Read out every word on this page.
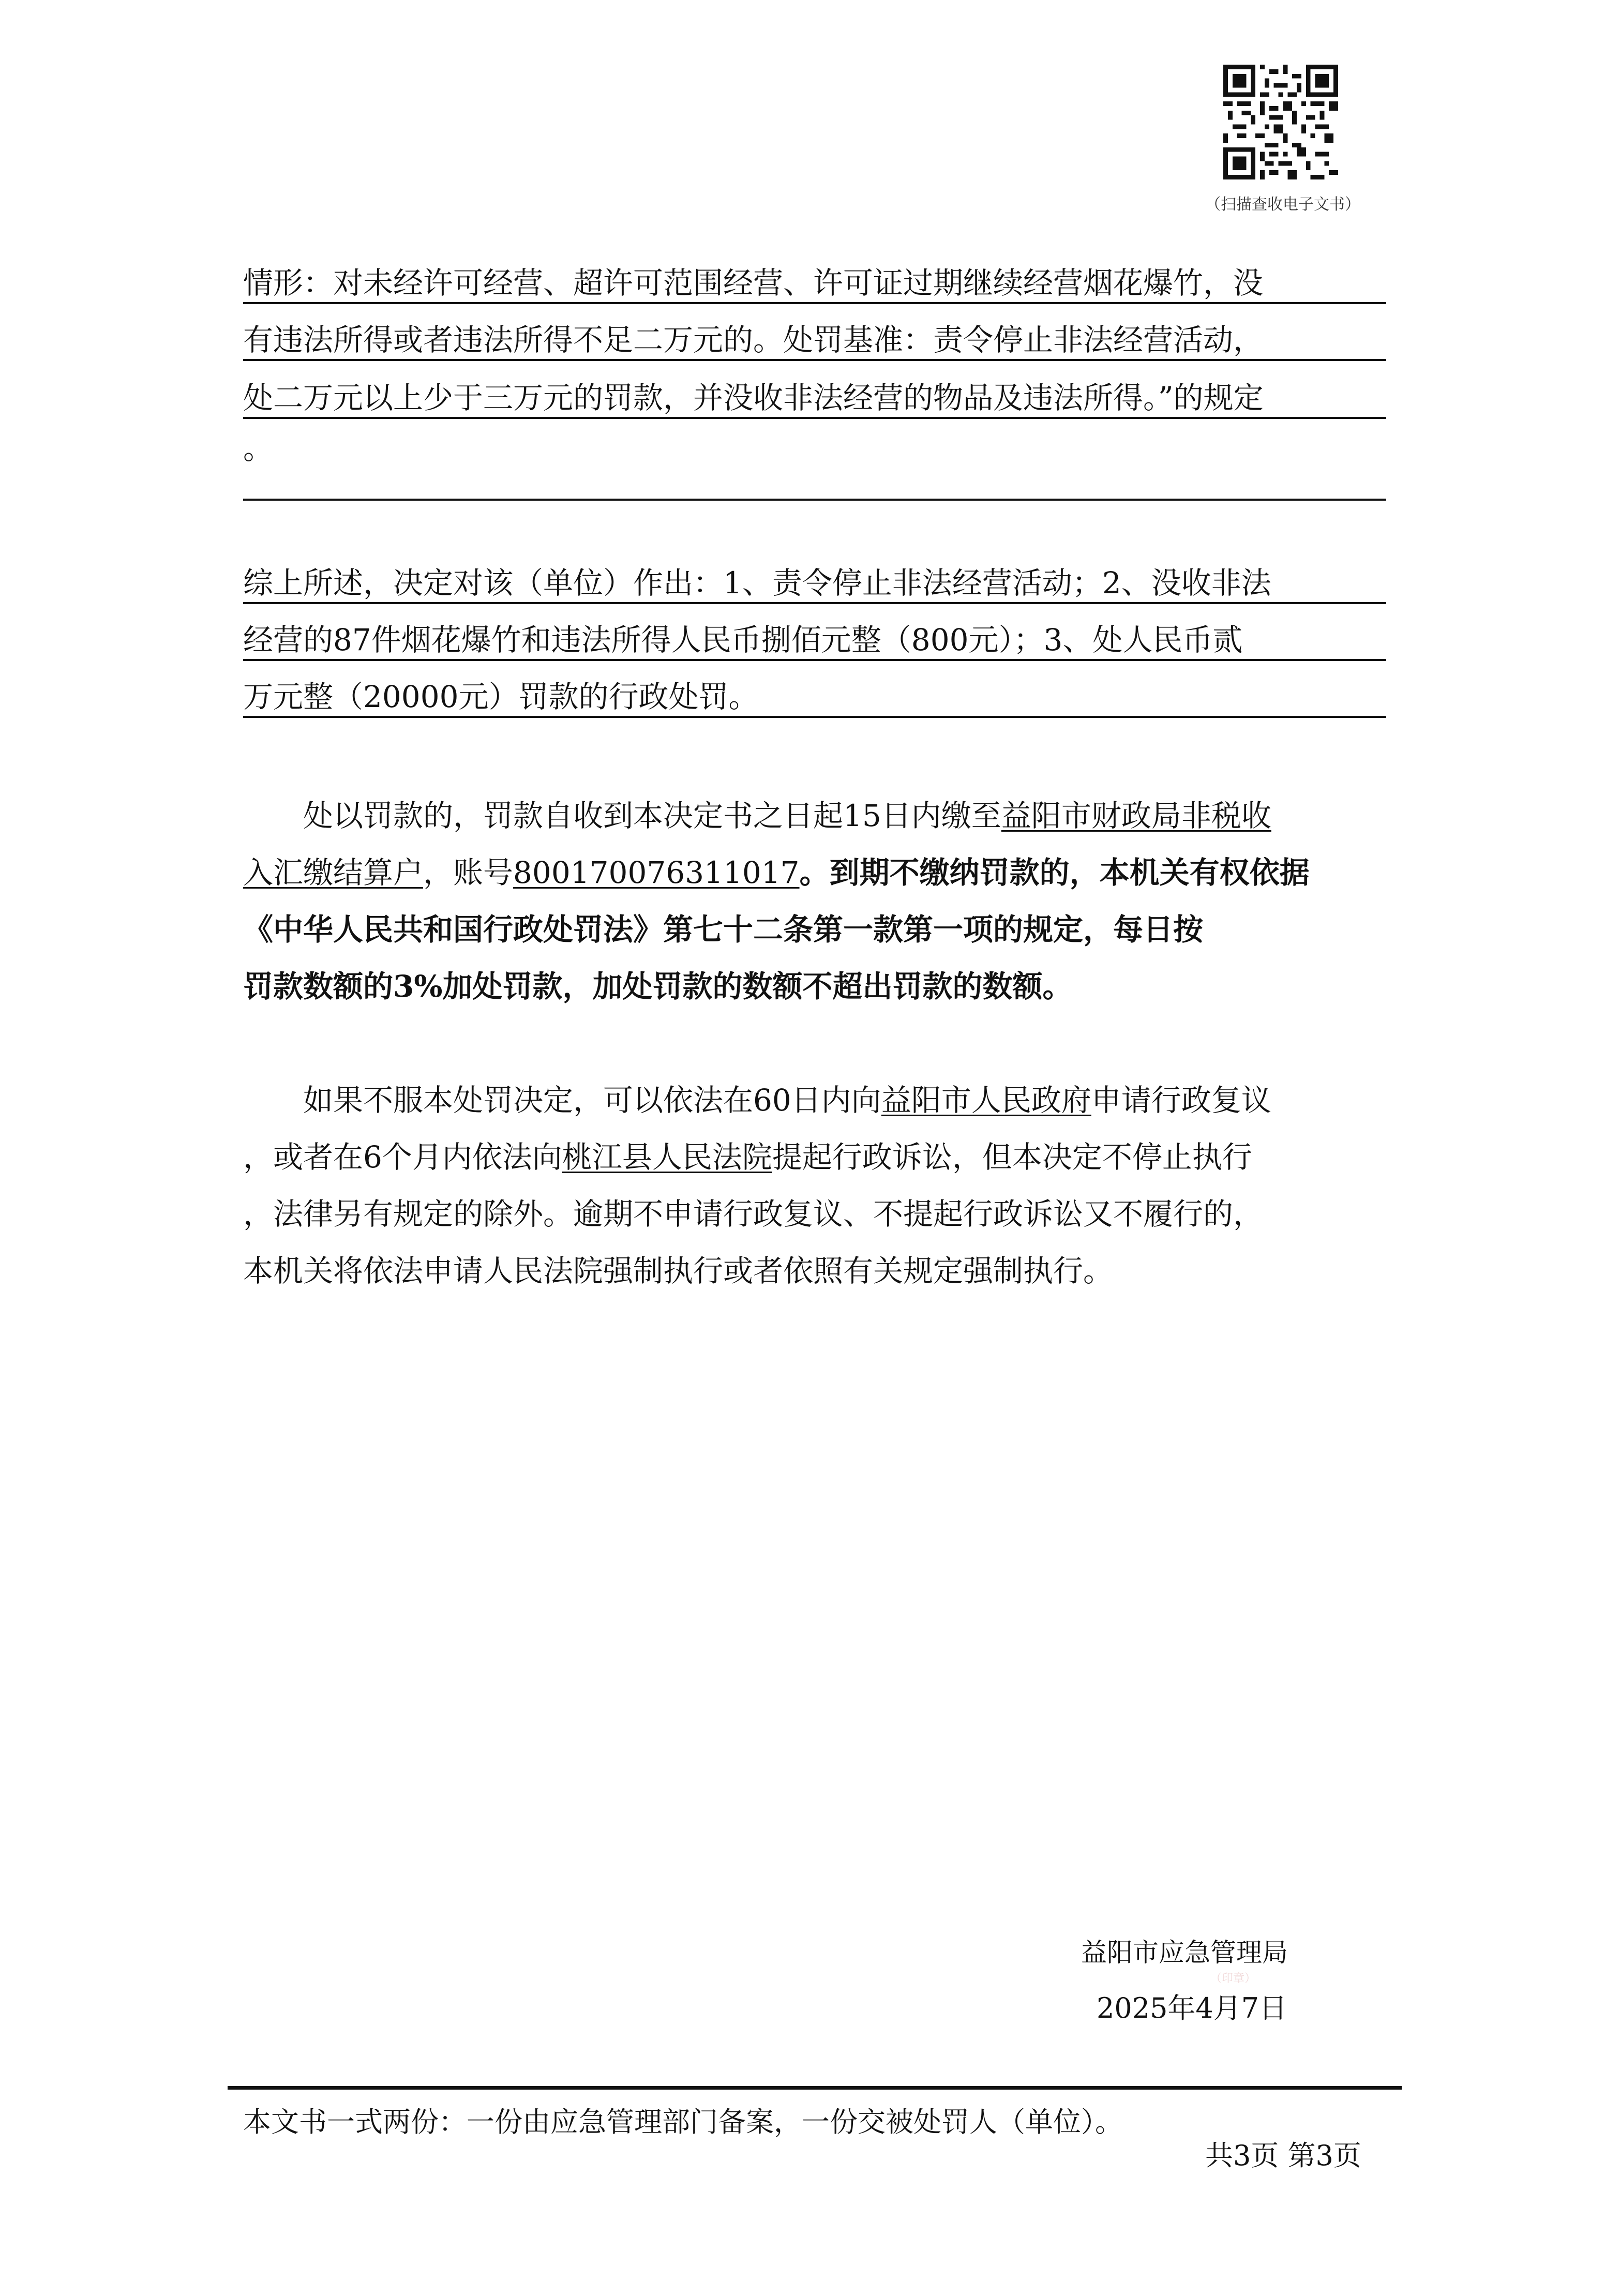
（扫描查收电子文书）
情形：对未经许可经营、超许可范围经营、许可证过期继续经营烟花爆竹，没
有违法所得或者违法所得不足二万元的。处罚基准：责令停止非法经营活动，
处二万元以上少于三万元的罚款，并没收非法经营的物品及违法所得。”的规定
。
综上所述，决定对该（单位）作出：1、责令停止非法经营活动；2、没收非法
经营的87件烟花爆竹和违法所得人民币捌佰元整（800元）；3、处人民币贰
万元整（20000元）罚款的行政处罚。
处以罚款的，罚款自收到本决定书之日起15日内缴至益阳市财政局非税收
入汇缴结算户，账号800170076311017。到期不缴纳罚款的，本机关有权依据
《中华人民共和国行政处罚法》第七十二条第一款第一项的规定，每日按
罚款数额的3%加处罚款，加处罚款的数额不超出罚款的数额。
如果不服本处罚决定，可以依法在60日内向益阳市人民政府申请行政复议
，或者在6个月内依法向桃江县人民法院提起行政诉讼，但本决定不停止执行
，法律另有规定的除外。逾期不申请行政复议、不提起行政诉讼又不履行的，
本机关将依法申请人民法院强制执行或者依照有关规定强制执行。
益阳市应急管理局
（印章）
2025年4月7日
本文书一式两份：一份由应急管理部门备案，一份交被处罚人（单位）。
共3页 第3页
